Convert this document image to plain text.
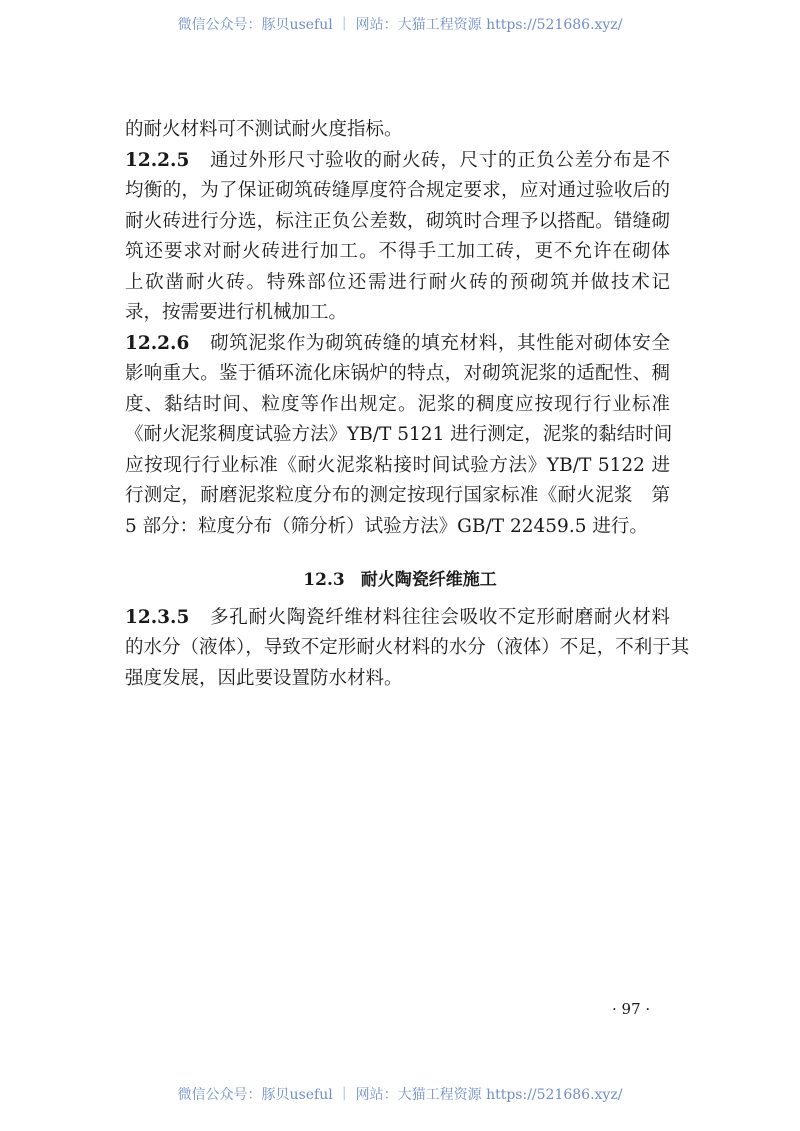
微信公众号：豚贝useful ｜ 网站：大猫工程资源 https://521686.xyz/
的耐火材料可不测试耐火度指标。
12.2.5 通过外形尺寸验收的耐火砖，尺寸的正负公差分布是不
均衡的，为了保证砌筑砖缝厚度符合规定要求，应对通过验收后的
耐火砖进行分选，标注正负公差数，砌筑时合理予以搭配。错缝砌
筑还要求对耐火砖进行加工。不得手工加工砖，更不允许在砌体
上砍凿耐火砖。特殊部位还需进行耐火砖的预砌筑并做技术记
录，按需要进行机械加工。
12.2.6 砌筑泥浆作为砌筑砖缝的填充材料，其性能对砌体安全
影响重大。鉴于循环流化床锅炉的特点，对砌筑泥浆的适配性、稠
度、黏结时间、粒度等作出规定。泥浆的稠度应按现行行业标准
《耐火泥浆稠度试验方法》YB/T 5121 进行测定，泥浆的黏结时间
应按现行行业标准《耐火泥浆粘接时间试验方法》YB/T 5122 进
行测定，耐磨泥浆粒度分布的测定按现行国家标准《耐火泥浆　第
5 部分：粒度分布（筛分析）试验方法》GB/T 22459.5 进行。
12.3 耐火陶瓷纤维施工
12.3.5 多孔耐火陶瓷纤维材料往往会吸收不定形耐磨耐火材料
的水分（液体），导致不定形耐火材料的水分（液体）不足，不利于其
强度发展，因此要设置防水材料。
· 97 ·
微信公众号：豚贝useful ｜ 网站：大猫工程资源 https://521686.xyz/
